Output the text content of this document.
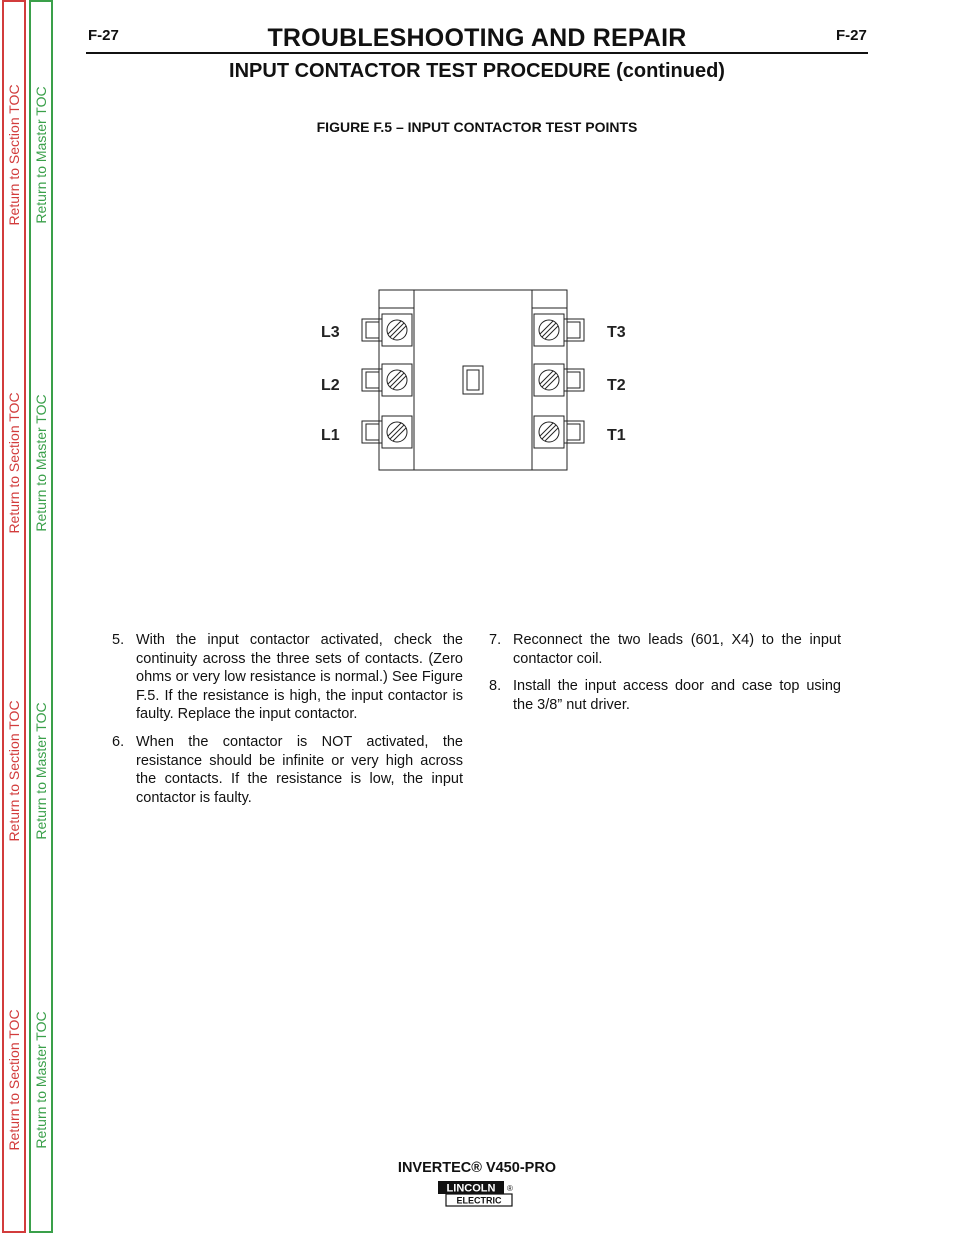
Return to Section TOC
Return to Section TOC
Return to Section TOC
Return to Section TOC
Return to Master TOC
Return to Master TOC
Return to Master TOC
Return to Master TOC
F-27	F-27
TROUBLESHOOTING AND REPAIR
INPUT CONTACTOR TEST PROCEDURE (continued)
FIGURE F.5 – INPUT CONTACTOR TEST POINTS
L3
L2
L1
T3
T2
T1
5. With the input contactor activated, check the continuity across the three sets of contacts. (Zero ohms or very low resistance is normal.) See Figure F.5. If the resistance is high, the input contactor is faulty. Replace the input contactor.
6. When the contactor is NOT activated, the resistance should be infinite or very high across the contacts. If the resistance is low, the input contactor is faulty.
7. Reconnect the two leads (601, X4) to the input contactor coil.
8. Install the input access door and case top using the 3/8” nut driver.
INVERTEC® V450-PRO
LINCOLN
ELECTRIC
®
